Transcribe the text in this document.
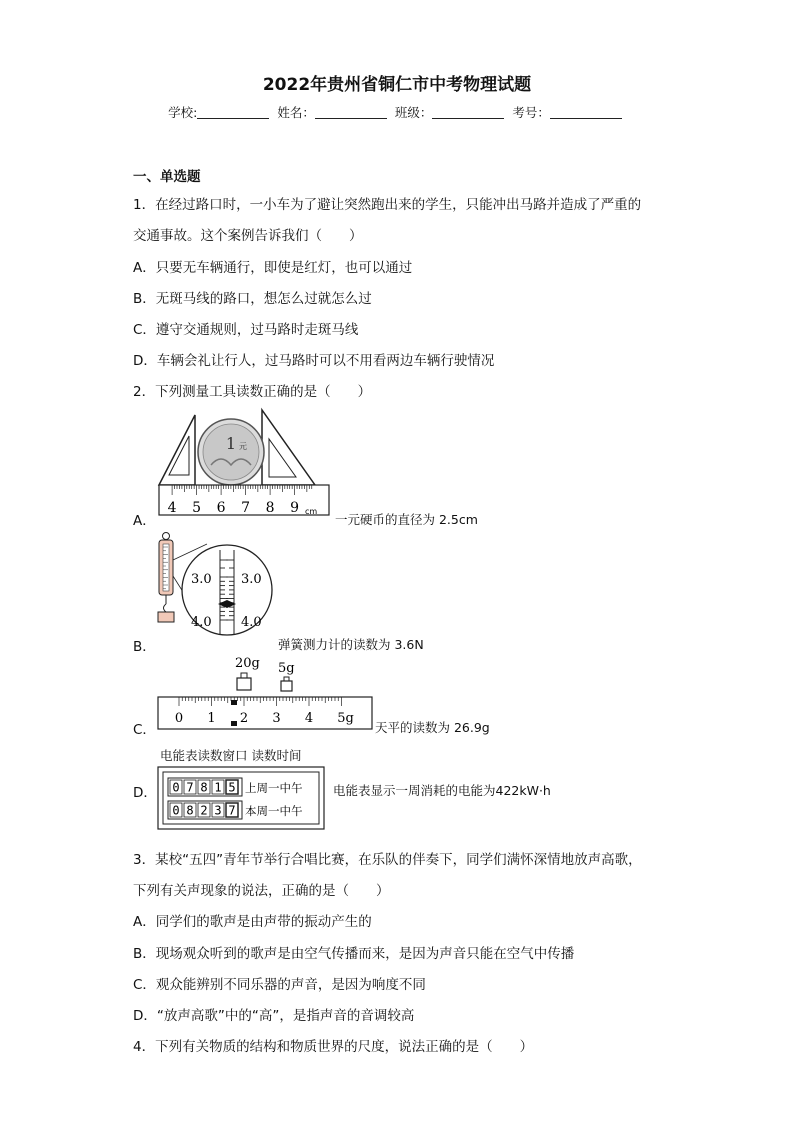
2022年贵州省铜仁市中考物理试题
学校:	姓名：	班级：	考号：
一、单选题
1．在经过路口时，一小车为了避让突然跑出来的学生，只能冲出马路并造成了严重的
交通事故。这个案例告诉我们（　　）
A．只要无车辆通行，即使是红灯，也可以通过
B．无斑马线的路口，想怎么过就怎么过
C．遵守交通规则，过马路时走斑马线
D．车辆会礼让行人，过马路时可以不用看两边车辆行驶情况
2．下列测量工具读数正确的是（　　）
A．
1 元
4 5 6 7 8 9 cm
一元硬币的直径为 2.5cm
B．
3.0 3.0
4.0 4.0
弹簧测力计的读数为 3.6N
C．
20g 5g
0 1 2 3 4 5g
天平的读数为 26.9g
电能表读数窗口 读数时间
D． 0 7 8 1 5
0 8 2 3 7
上周一中午
本周一中午
电能表显示一周消耗的电能为422kW·h
3．某校“五四”青年节举行合唱比赛，在乐队的伴奏下，同学们满怀深情地放声高歌，
下列有关声现象的说法，正确的是（　　）
A．同学们的歌声是由声带的振动产生的
B．现场观众听到的歌声是由空气传播而来，是因为声音只能在空气中传播
C．观众能辨别不同乐器的声音，是因为响度不同
D．“放声高歌”中的“高”，是指声音的音调较高
4．下列有关物质的结构和物质世界的尺度，说法正确的是（　　）
